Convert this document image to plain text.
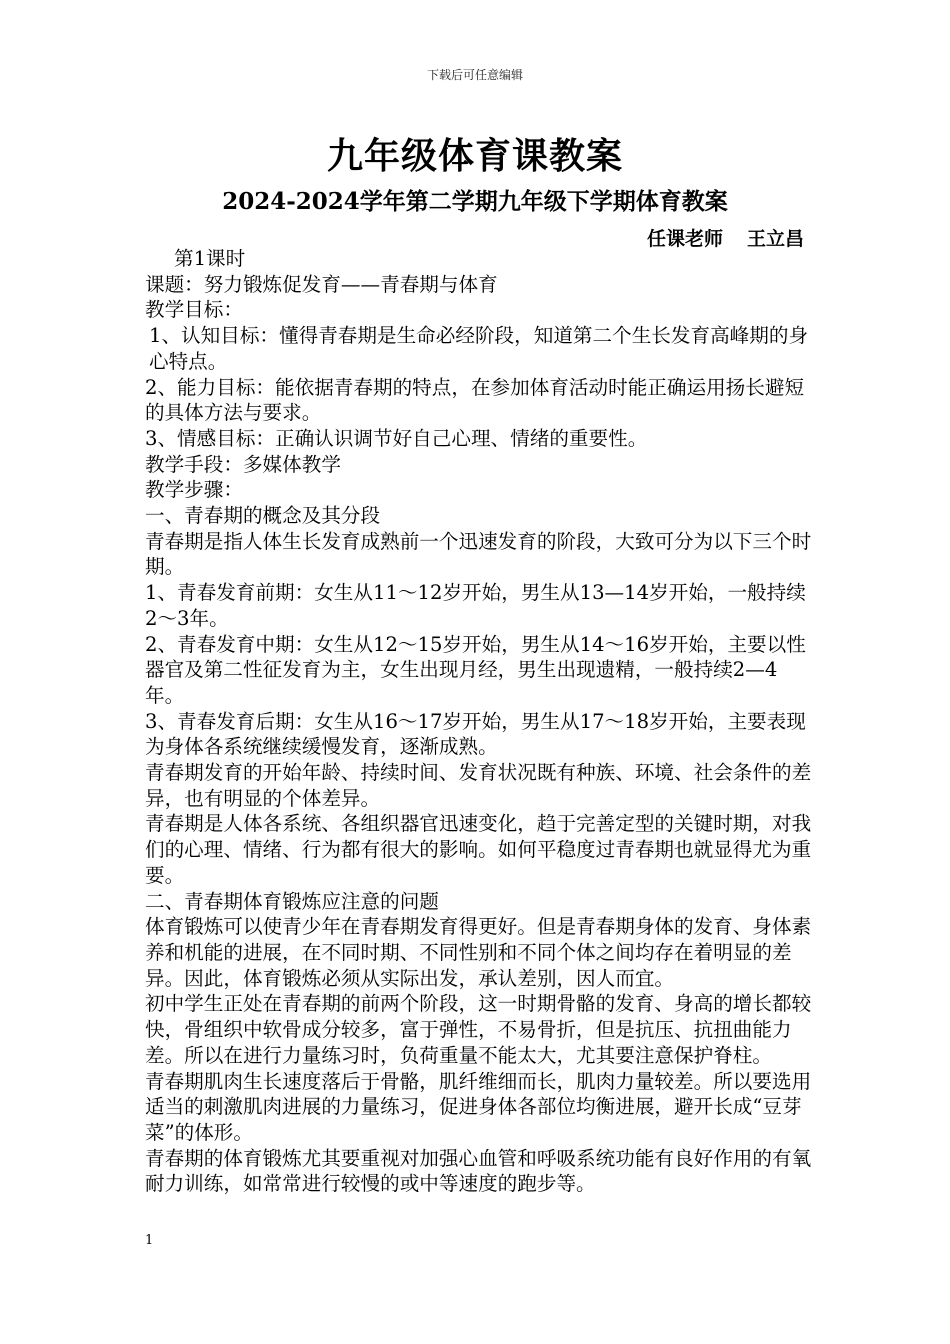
下载后可任意编辑
九年级体育课教案
2024-2024学年第二学期九年级下学期体育教案
任课老师 王立昌

第1课时

课题：努力锻炼促发育——青春期与体育

教学目标：

1、认知目标：懂得青春期是生命必经阶段，知道第二个生长发育高峰期的身心特点。

2、能力目标：能依据青春期的特点，在参加体育活动时能正确运用扬长避短的具体方法与要求。

3、情感目标：正确认识调节好自己心理、情绪的重要性。

教学手段：多媒体教学

教学步骤：

一、青春期的概念及其分段

青春期是指人体生长发育成熟前一个迅速发育的阶段，大致可分为以下三个时期。

1、青春发育前期：女生从11～12岁开始，男生从13—14岁开始，一般持续2～3年。

2、青春发育中期：女生从12～15岁开始，男生从14～16岁开始，主要以性器官及第二性征发育为主，女生出现月经，男生出现遗精，一般持续2—4年。

3、青春发育后期：女生从16～17岁开始，男生从17～18岁开始，主要表现为身体各系统继续缓慢发育，逐渐成熟。

青春期发育的开始年龄、持续时间、发育状况既有种族、环境、社会条件的差异，也有明显的个体差异。

青春期是人体各系统、各组织器官迅速变化，趋于完善定型的关键时期，对我们的心理、情绪、行为都有很大的影响。如何平稳度过青春期也就显得尤为重要。

二、青春期体育锻炼应注意的问题

体育锻炼可以使青少年在青春期发育得更好。但是青春期身体的发育、身体素养和机能的进展，在不同时期、不同性别和不同个体之间均存在着明显的差异。因此，体育锻炼必须从实际出发，承认差别，因人而宜。

初中学生正处在青春期的前两个阶段，这一时期骨骼的发育、身高的增长都较快，骨组织中软骨成分较多，富于弹性，不易骨折，但是抗压、抗扭曲能力差。所以在进行力量练习时，负荷重量不能太大，尤其要注意保护脊柱。

青春期肌肉生长速度落后于骨骼，肌纤维细而长，肌肉力量较差。所以要选用适当的刺激肌肉进展的力量练习，促进身体各部位均衡进展，避开长成“豆芽菜”的体形。

青春期的体育锻炼尤其要重视对加强心血管和呼吸系统功能有良好作用的有氧耐力训练，如常常进行较慢的或中等速度的跑步等。

1
